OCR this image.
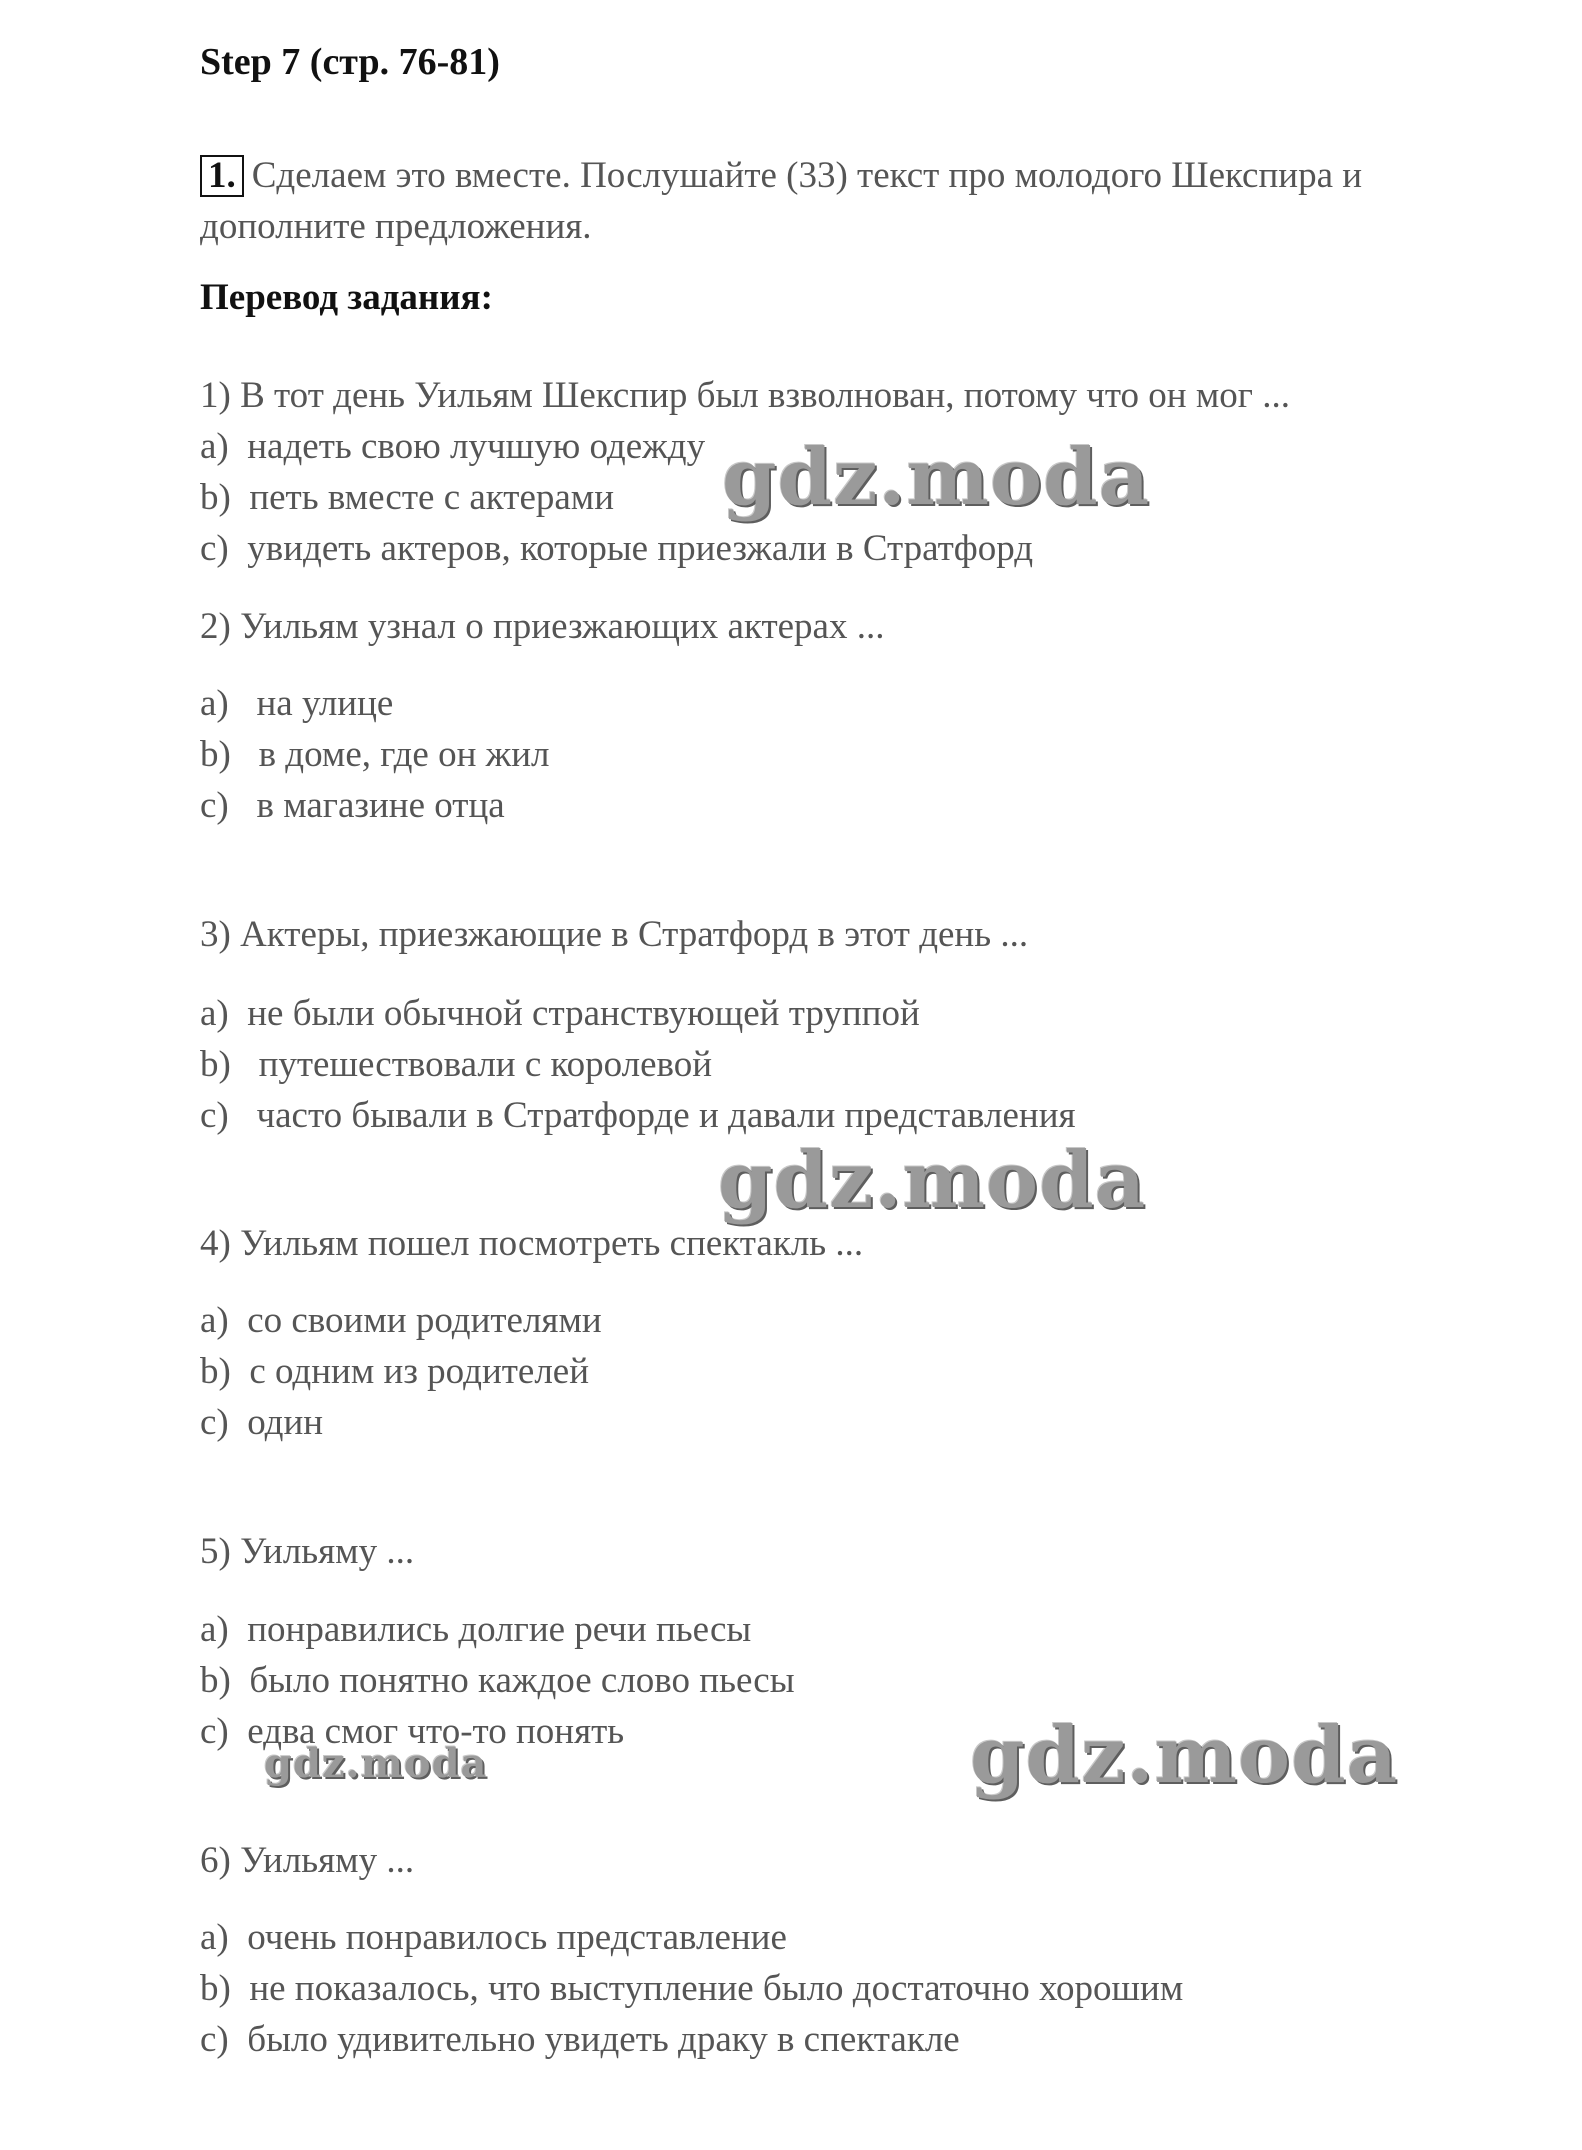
Step 7 (стр. 76-81)
1. Сделаем это вместе. Послушайте (33) текст про молодого Шекспира и дополните предложения.
Перевод задания:
1) В тот день Уильям Шекспир был взволнован, потому что он мог ...
a)  надеть свою лучшую одежду
b)  петь вместе с актерами
c)  увидеть актеров, которые приезжали в Стратфорд
2) Уильям узнал о приезжающих актерах ...
a)   на улице
b)   в доме, где он жил
c)   в магазине отца
3) Актеры, приезжающие в Стратфорд в этот день ...
a)  не были обычной странствующей труппой
b)   путешествовали с королевой
c)   часто бывали в Стратфорде и давали представления
4) Уильям пошел посмотреть спектакль ...
a)  со своими родителями
b)  с одним из родителей
c)  один
5) Уильяму ...
a)  понравились долгие речи пьесы
b)  было понятно каждое слово пьесы
c)  едва смог что-то понять
6) Уильяму ...
a)  очень понравилось представление
b)  не показалось, что выступление было достаточно хорошим
c)  было удивительно увидеть драку в спектакле
gdz.moda
gdz.moda
gdz.moda	gdz.moda
